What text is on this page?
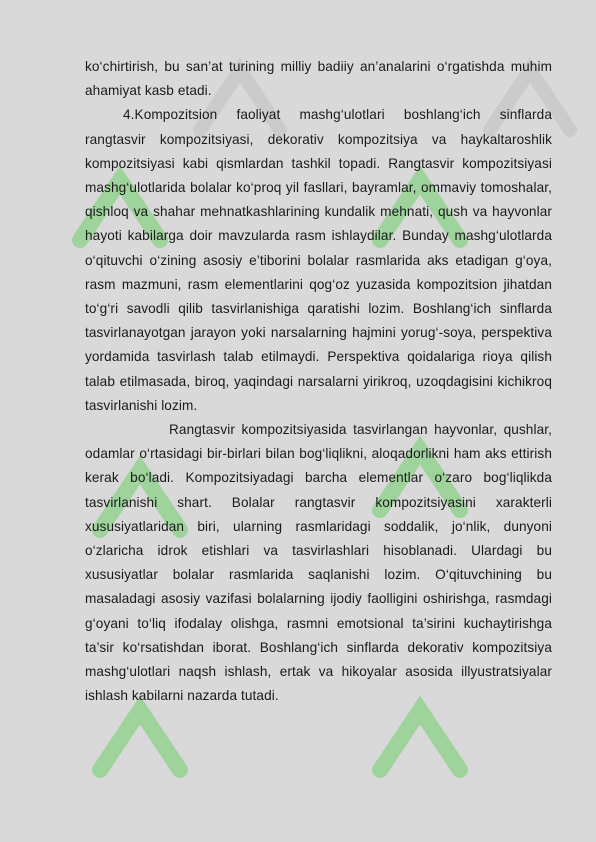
ko‘chirtirish, bu san’at turining milliy badiiy an’analarini o‘rgatishda muhim ahamiyat kasb etadi.

4.Kompozitsion faoliyat mashg‘ulotlari boshlang‘ich sinflarda rangtasvir kompozitsiyasi, dekorativ kompozitsiya va haykaltaroshlik kompozitsiyasi kabi qismlardan tashkil topadi. Rangtasvir kompozitsiyasi mashg‘ulotlarida bolalar ko‘proq yil fasllari, bayramlar, ommaviy tomoshalar, qishloq va shahar mehnatkashlarining kundalik mehnati, qush va hayvonlar hayoti kabilarga doir mavzularda rasm ishlaydilar. Bunday mashg‘ulotlarda o‘qituvchi o‘zining asosiy e’tiborini bolalar rasmlarida aks etadigan g‘oya, rasm mazmuni, rasm elementlarini qog‘oz yuzasida kompozitsion jihatdan to‘g‘ri savodli qilib tasvirlanishiga qaratishi lozim. Boshlang‘ich sinflarda tasvirlanayotgan jarayon yoki narsalarning hajmini yorug‘-soya, perspektiva yordamida tasvirlash talab etilmaydi. Perspektiva qoidalariga rioya qilish talab etilmasada, biroq, yaqindagi narsalarni yirikroq, uzoqdagisini kichikroq tasvirlanishi lozim.

Rangtasvir kompozitsiyasida tasvirlangan hayvonlar, qushlar, odamlar o‘rtasidagi bir-birlari bilan bog‘liqlikni, aloqadorlikni ham aks ettirish kerak bo‘ladi. Kompozitsiyadagi barcha elementlar o‘zaro bog‘liqlikda tasvirlanishi shart. Bolalar rangtasvir kompozitsiyasini xarakterli xususiyatlaridan biri, ularning rasmlaridagi soddalik, jo‘nlik, dunyoni o‘zlaricha idrok etishlari va tasvirlashlari hisoblanadi. Ulardagi bu xususiyatlar bolalar rasmlarida saqlanishi lozim. O‘qituvchining bu masaladagi asosiy vazifasi bolalarning ijodiy faolligini oshirishga, rasmdagi g‘oyani to‘liq ifodalay olishga, rasmni emotsional ta’sirini kuchaytirishga ta’sir ko‘rsatishdan iborat. Boshlang‘ich sinflarda dekorativ kompozitsiya mashg‘ulotlari naqsh ishlash, ertak va hikoyalar asosida illyustratsiyalar ishlash kabilarni nazarda tutadi.
